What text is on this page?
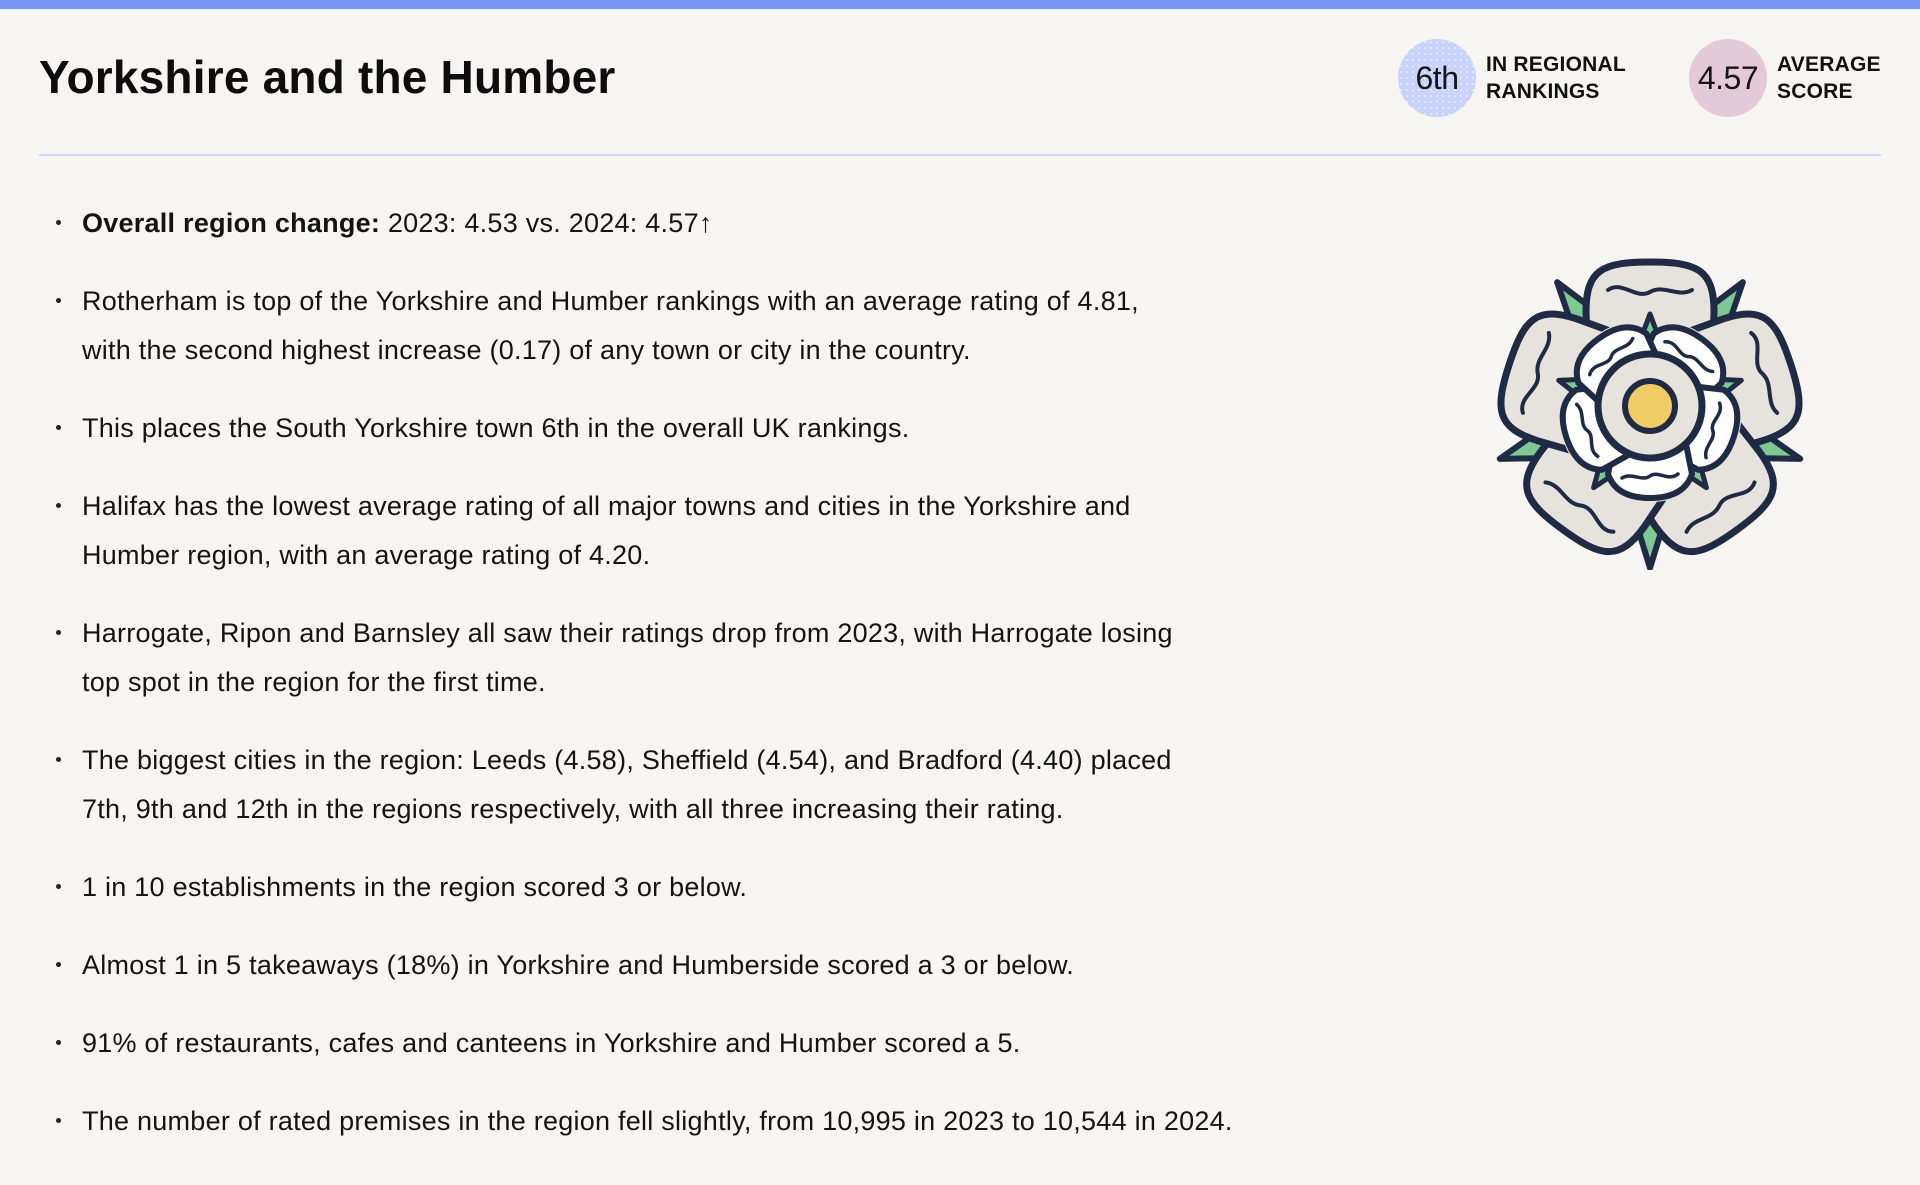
Yorkshire and the Humber	6th	IN REGIONAL
RANKINGS	4.57 AVERAGE
SCORE
Overall region change: 2023: 4.53 vs. 2024: 4.57↑
Rotherham is top of the Yorkshire and Humber rankings with an average rating of 4.81,
with the second highest increase (0.17) of any town or city in the country.
This places the South Yorkshire town 6th in the overall UK rankings.
Halifax has the lowest average rating of all major towns and cities in the Yorkshire and
Humber region, with an average rating of 4.20.
Harrogate, Ripon and Barnsley all saw their ratings drop from 2023, with Harrogate losing
top spot in the region for the first time.
The biggest cities in the region: Leeds (4.58), Sheffield (4.54), and Bradford (4.40) placed
7th, 9th and 12th in the regions respectively, with all three increasing their rating.
1 in 10 establishments in the region scored 3 or below.
Almost 1 in 5 takeaways (18%) in Yorkshire and Humberside scored a 3 or below.
91% of restaurants, cafes and canteens in Yorkshire and Humber scored a 5.
The number of rated premises in the region fell slightly, from 10,995 in 2023 to 10,544 in 2024.
